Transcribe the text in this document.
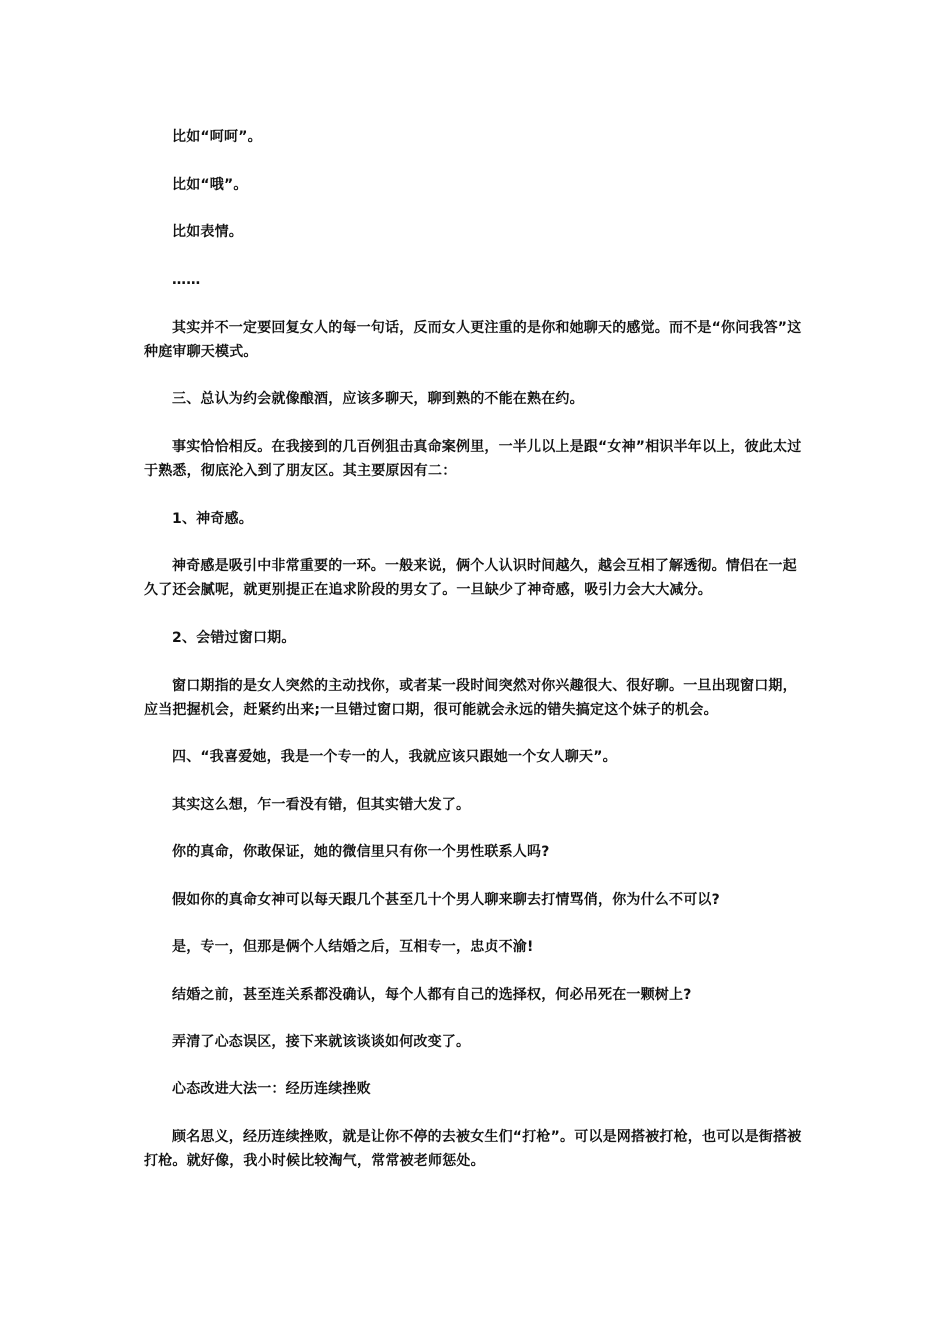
比如“呵呵”。

比如“哦”。

比如表情。

……

其实并不一定要回复女人的每一句话，反而女人更注重的是你和她聊天的感觉。而不是“你问我答”这种庭审聊天模式。

三、总认为约会就像酿酒，应该多聊天，聊到熟的不能在熟在约。

事实恰恰相反。在我接到的几百例狙击真命案例里，一半儿以上是跟“女神”相识半年以上，彼此太过于熟悉，彻底沦入到了朋友区。其主要原因有二：

1、神奇感。

神奇感是吸引中非常重要的一环。一般来说，俩个人认识时间越久，越会互相了解透彻。情侣在一起久了还会腻呢，就更别提正在追求阶段的男女了。一旦缺少了神奇感，吸引力会大大减分。

2、会错过窗口期。

窗口期指的是女人突然的主动找你，或者某一段时间突然对你兴趣很大、很好聊。一旦出现窗口期，应当把握机会，赶紧约出来;一旦错过窗口期，很可能就会永远的错失搞定这个妹子的机会。

四、“我喜爱她，我是一个专一的人，我就应该只跟她一个女人聊天”。

其实这么想，乍一看没有错，但其实错大发了。

你的真命，你敢保证，她的微信里只有你一个男性联系人吗?

假如你的真命女神可以每天跟几个甚至几十个男人聊来聊去打情骂俏，你为什么不可以?

是，专一，但那是俩个人结婚之后，互相专一，忠贞不渝!

结婚之前，甚至连关系都没确认，每个人都有自己的选择权，何必吊死在一颗树上?

弄清了心态误区，接下来就该谈谈如何改变了。

心态改进大法一：经历连续挫败

顾名思义，经历连续挫败，就是让你不停的去被女生们“打枪”。可以是网搭被打枪，也可以是街搭被打枪。就好像，我小时候比较淘气，常常被老师惩处。
